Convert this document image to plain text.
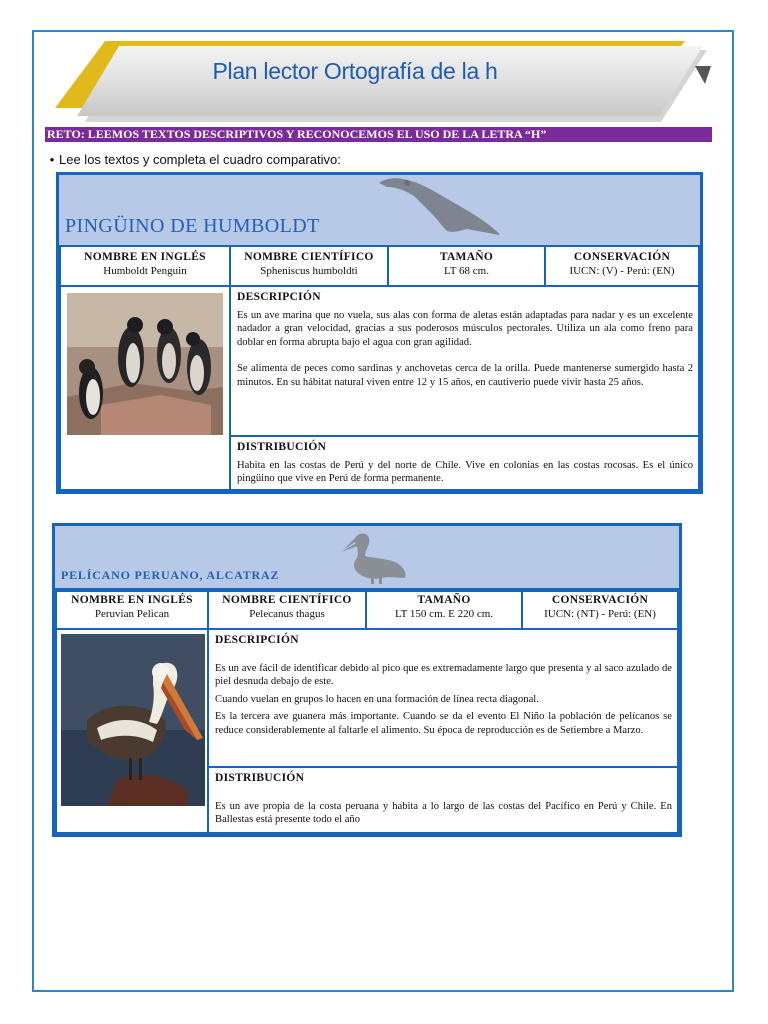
Plan lector Ortografía de la h
RETO: LEEMOS TEXTOS DESCRIPTIVOS Y RECONOCEMOS EL USO DE LA LETRA “H”
• Lee los textos y completa el cuadro comparativo:
PINGÜINO DE HUMBOLDT
NOMBRE EN INGLÉS
Humboldt Penguin
NOMBRE CIENTÍFICO
Spheniscus humboldti
TAMAÑO
LT 68 cm.
CONSERVACIÓN
IUCN: (V) - Perú: (EN)
DESCRIPCIÓN

Es un ave marina que no vuela, sus alas con forma de aletas están adaptadas para nadar y es un excelente nadador a gran velocidad, gracias a sus poderosos músculos pectorales. Utiliza un ala como freno para doblar en forma abrupta bajo el agua con gran agilidad.

Se alimenta de peces como sardinas y anchovetas cerca de la orilla. Puede mantenerse sumergido hasta 2 minutos. En su hábitat natural viven entre 12 y 15 años, en cautiverio puede vivir hasta 25 años.

DISTRIBUCIÓN

Habita en las costas de Perú y del norte de Chile. Vive en colonias en las costas rocosas. Es el único pingüino que vive en Perú de forma permanente.

PELÍCANO PERUANO, ALCATRAZ
NOMBRE EN INGLÉS
Peruvian Pelican
NOMBRE CIENTÍFICO
Pelecanus thagus
TAMAÑO
LT 150 cm. E 220 cm.
CONSERVACIÓN
IUCN: (NT) - Perú: (EN)
DESCRIPCIÓN

Es un ave fácil de identificar debido al pico que es extremadamente largo que presenta y al saco azulado de piel desnuda debajo de este.

Cuando vuelan en grupos lo hacen en una formación de línea recta diagonal.

Es la tercera ave guanera más importante. Cuando se da el evento El Niño la población de pelícanos se reduce considerablemente al faltarle el alimento. Su época de reproducción es de Setiembre a Marzo.

DISTRIBUCIÓN

Es un ave propia de la costa peruana y habita a lo largo de las costas del Pacífico en Perú y Chile. En Ballestas está presente todo el año
